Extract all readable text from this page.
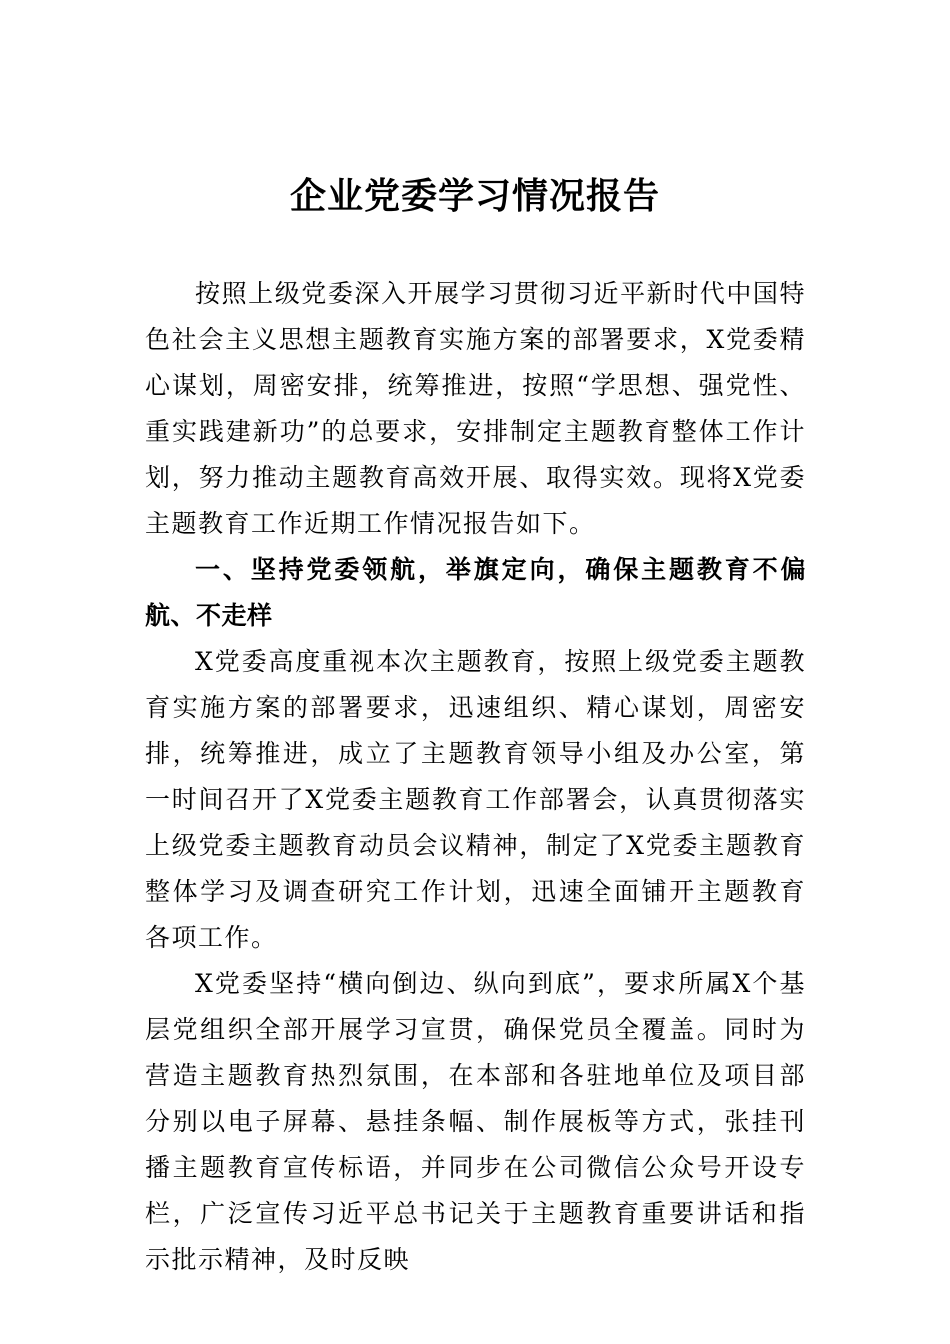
企业党委学习情况报告

按照上级党委深入开展学习贯彻习近平新时代中国特色社会主义思想主题教育实施方案的部署要求，X党委精心谋划，周密安排，统筹推进，按照“学思想、强党性、重实践建新功”的总要求，安排制定主题教育整体工作计划，努力推动主题教育高效开展、取得实效。现将X党委主题教育工作近期工作情况报告如下。

一、坚持党委领航，举旗定向，确保主题教育不偏航、不走样

X党委高度重视本次主题教育，按照上级党委主题教育实施方案的部署要求，迅速组织、精心谋划，周密安排，统筹推进，成立了主题教育领导小组及办公室，第一时间召开了X党委主题教育工作部署会，认真贯彻落实上级党委主题教育动员会议精神，制定了X党委主题教育整体学习及调查研究工作计划，迅速全面铺开主题教育各项工作。

X党委坚持“横向倒边、纵向到底”，要求所属X个基层党组织全部开展学习宣贯，确保党员全覆盖。同时为营造主题教育热烈氛围，在本部和各驻地单位及项目部分别以电子屏幕、悬挂条幅、制作展板等方式，张挂刊播主题教育宣传标语，并同步在公司微信公众号开设专栏，广泛宣传习近平总书记关于主题教育重要讲话和指示批示精神，及时反映
